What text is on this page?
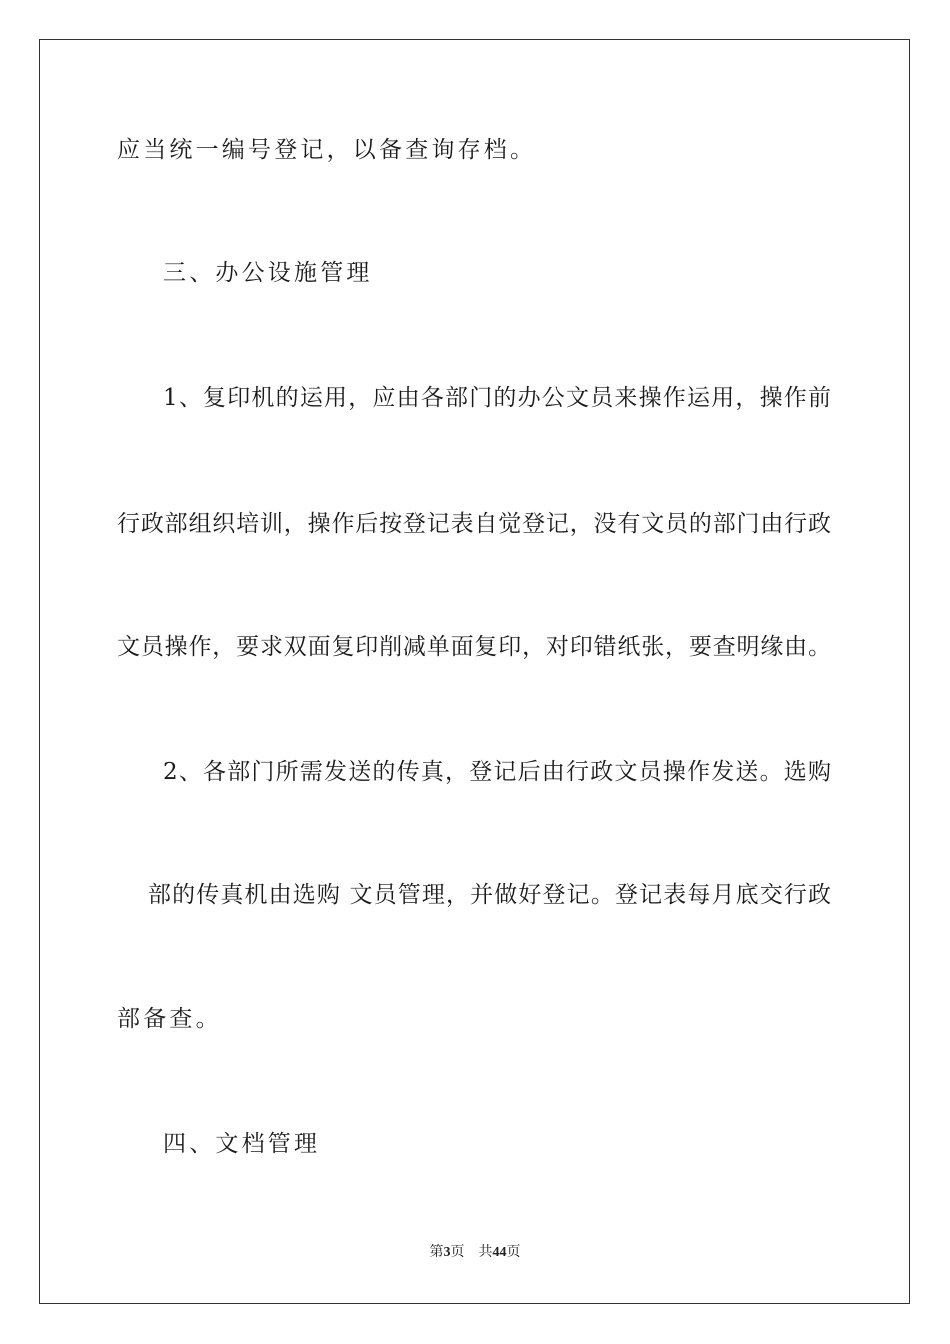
应当统一编号登记，以备查询存档。

三、办公设施管理

1、复印机的运用，应由各部门的办公文员来操作运用，操作前

行政部组织培训，操作后按登记表自觉登记，没有文员的部门由行政

文员操作，要求双面复印削减单面复印，对印错纸张，要查明缘由。

2、各部门所需发送的传真，登记后由行政文员操作发送。选购

部的传真机由选购 文员管理，并做好登记。登记表每月底交行政

部备查。

四、文档管理

第3页 共44页
